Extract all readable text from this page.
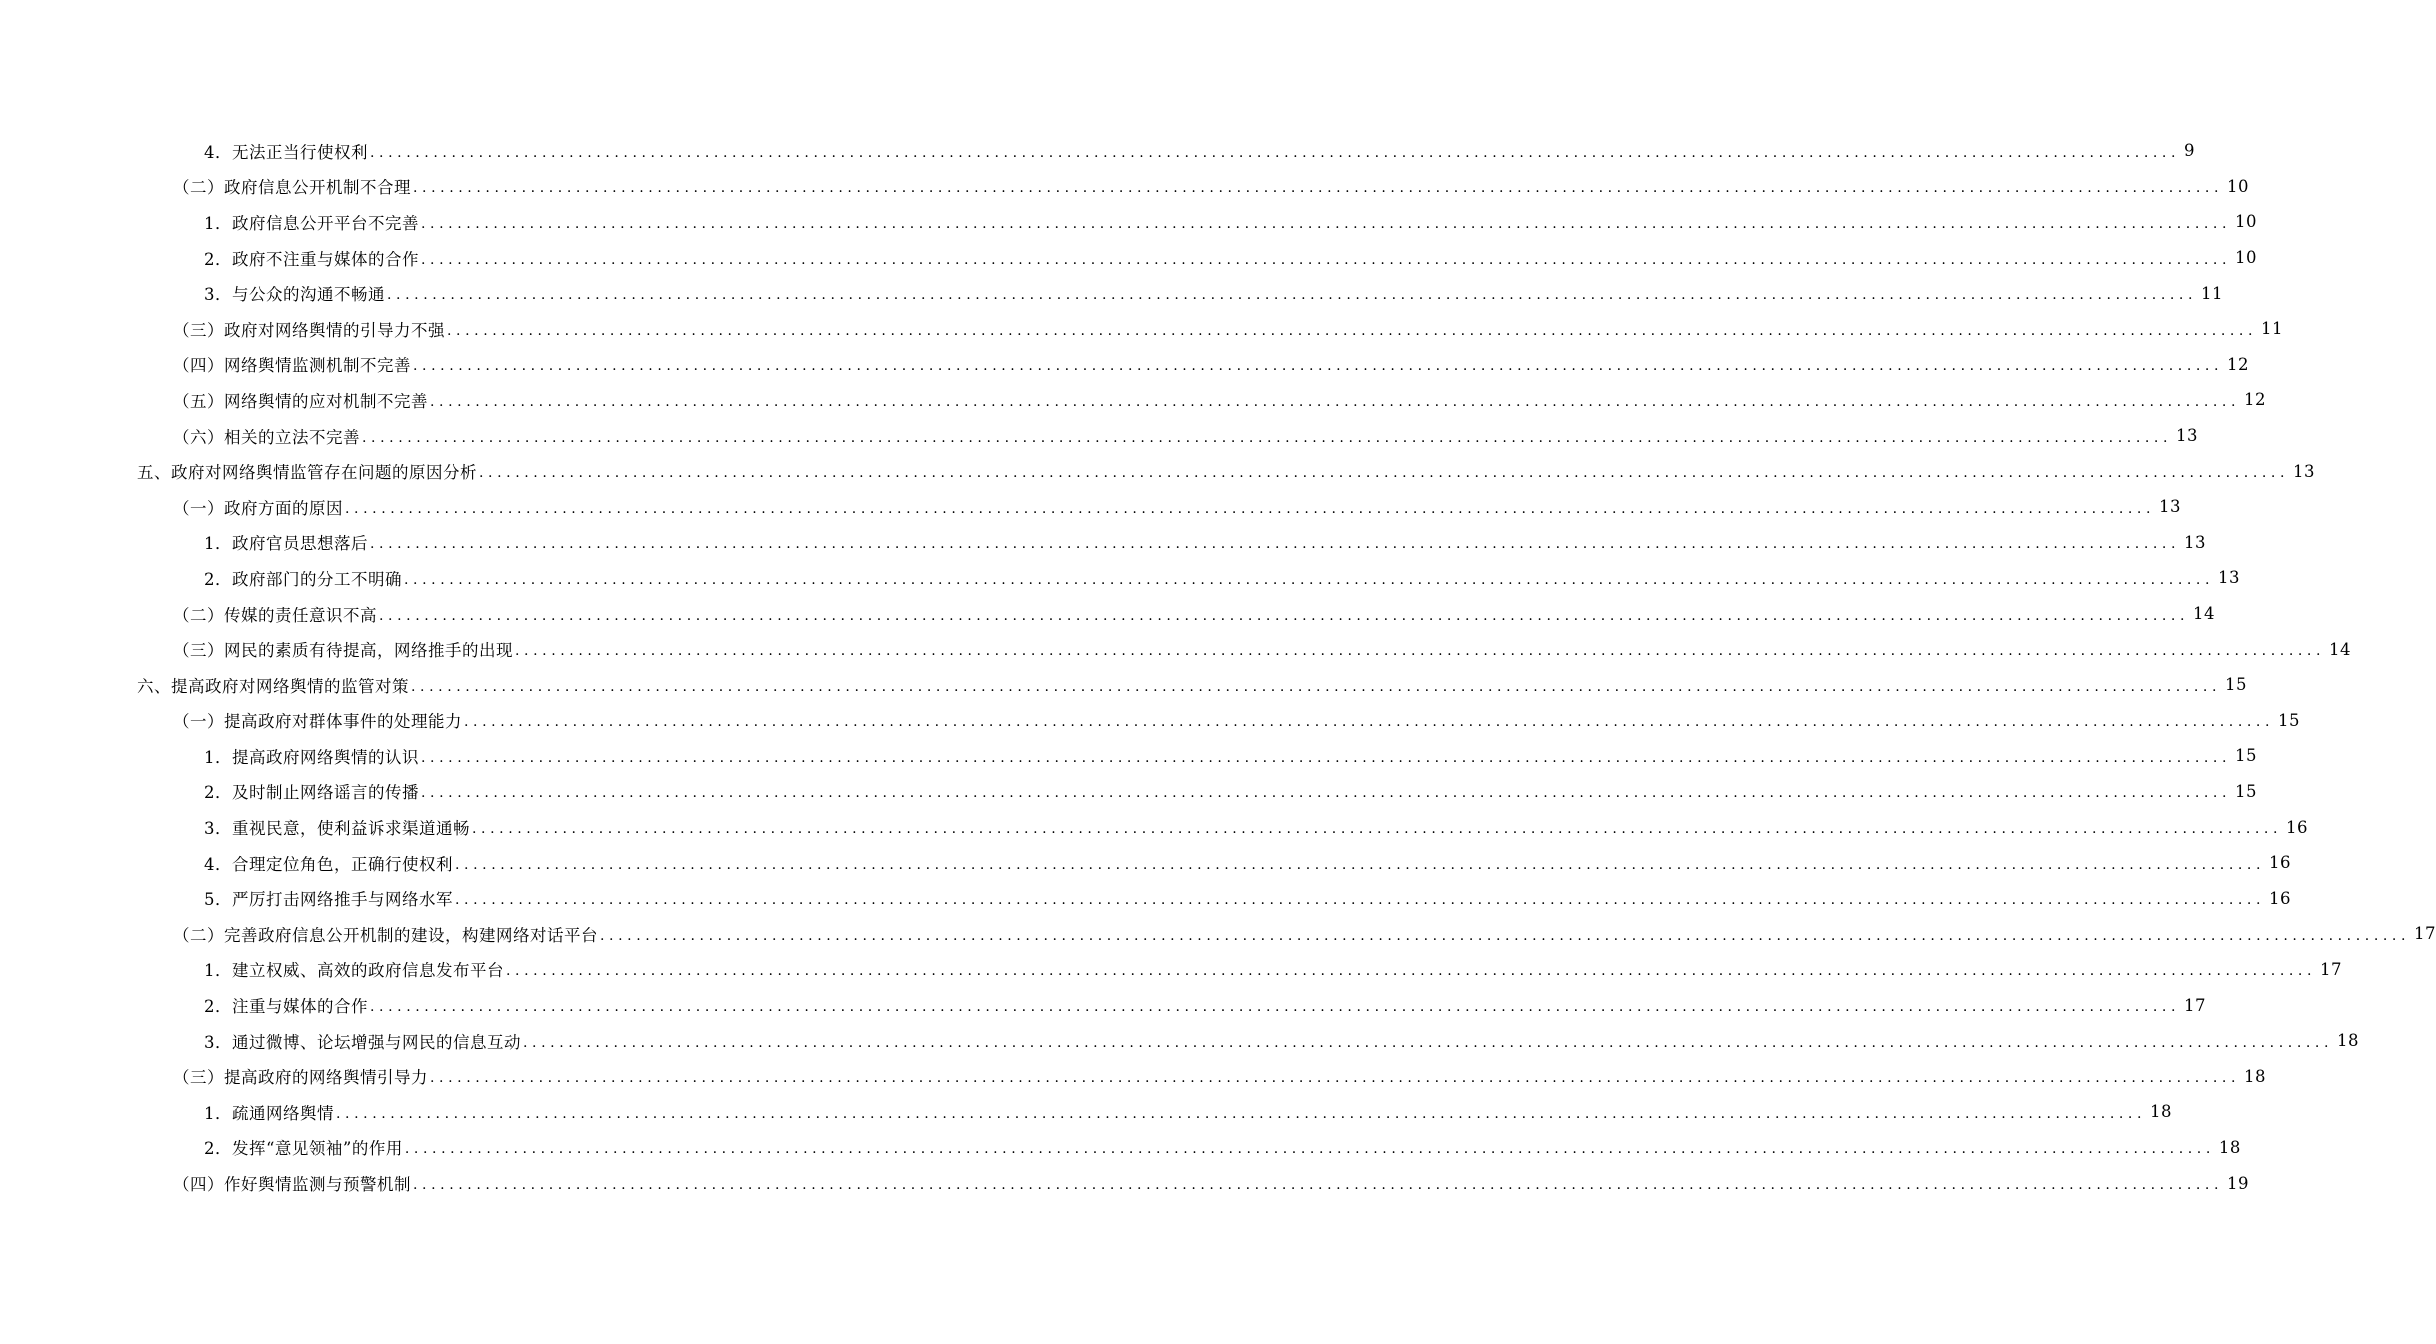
4．无法正当行使权利 ........................................................................................................................................................................................................ 9
（二）政府信息公开机制不合理 ........................................................................................................................................................................................................ 10
1．政府信息公开平台不完善 ........................................................................................................................................................................................................ 10
2．政府不注重与媒体的合作 ........................................................................................................................................................................................................ 10
3．与公众的沟通不畅通 ........................................................................................................................................................................................................ 11
（三）政府对网络舆情的引导力不强 ........................................................................................................................................................................................................ 11
（四）网络舆情监测机制不完善 ........................................................................................................................................................................................................ 12
（五）网络舆情的应对机制不完善 ........................................................................................................................................................................................................ 12
（六）相关的立法不完善 ........................................................................................................................................................................................................ 13
五、政府对网络舆情监管存在问题的原因分析 ........................................................................................................................................................................................................ 13
（一）政府方面的原因 ........................................................................................................................................................................................................ 13
1．政府官员思想落后 ........................................................................................................................................................................................................ 13
2．政府部门的分工不明确 ........................................................................................................................................................................................................ 13
（二）传媒的责任意识不高 ........................................................................................................................................................................................................ 14
（三）网民的素质有待提高，网络推手的出现 ........................................................................................................................................................................................................ 14
六、提高政府对网络舆情的监管对策 ........................................................................................................................................................................................................ 15
（一）提高政府对群体事件的处理能力 ........................................................................................................................................................................................................ 15
1．提高政府网络舆情的认识 ........................................................................................................................................................................................................ 15
2．及时制止网络谣言的传播 ........................................................................................................................................................................................................ 15
3．重视民意，使利益诉求渠道通畅 ........................................................................................................................................................................................................ 16
4．合理定位角色，正确行使权利 ........................................................................................................................................................................................................ 16
5．严厉打击网络推手与网络水军 ........................................................................................................................................................................................................ 16
（二）完善政府信息公开机制的建设，构建网络对话平台 ........................................................................................................................................................................................................ 17
1．建立权威、高效的政府信息发布平台 ........................................................................................................................................................................................................ 17
2．注重与媒体的合作 ........................................................................................................................................................................................................ 17
3．通过微博、论坛增强与网民的信息互动 ........................................................................................................................................................................................................ 18
（三）提高政府的网络舆情引导力 ........................................................................................................................................................................................................ 18
1．疏通网络舆情 ........................................................................................................................................................................................................ 18
2．发挥“意见领袖”的作用 ........................................................................................................................................................................................................ 18
（四）作好舆情监测与预警机制 ........................................................................................................................................................................................................ 19
